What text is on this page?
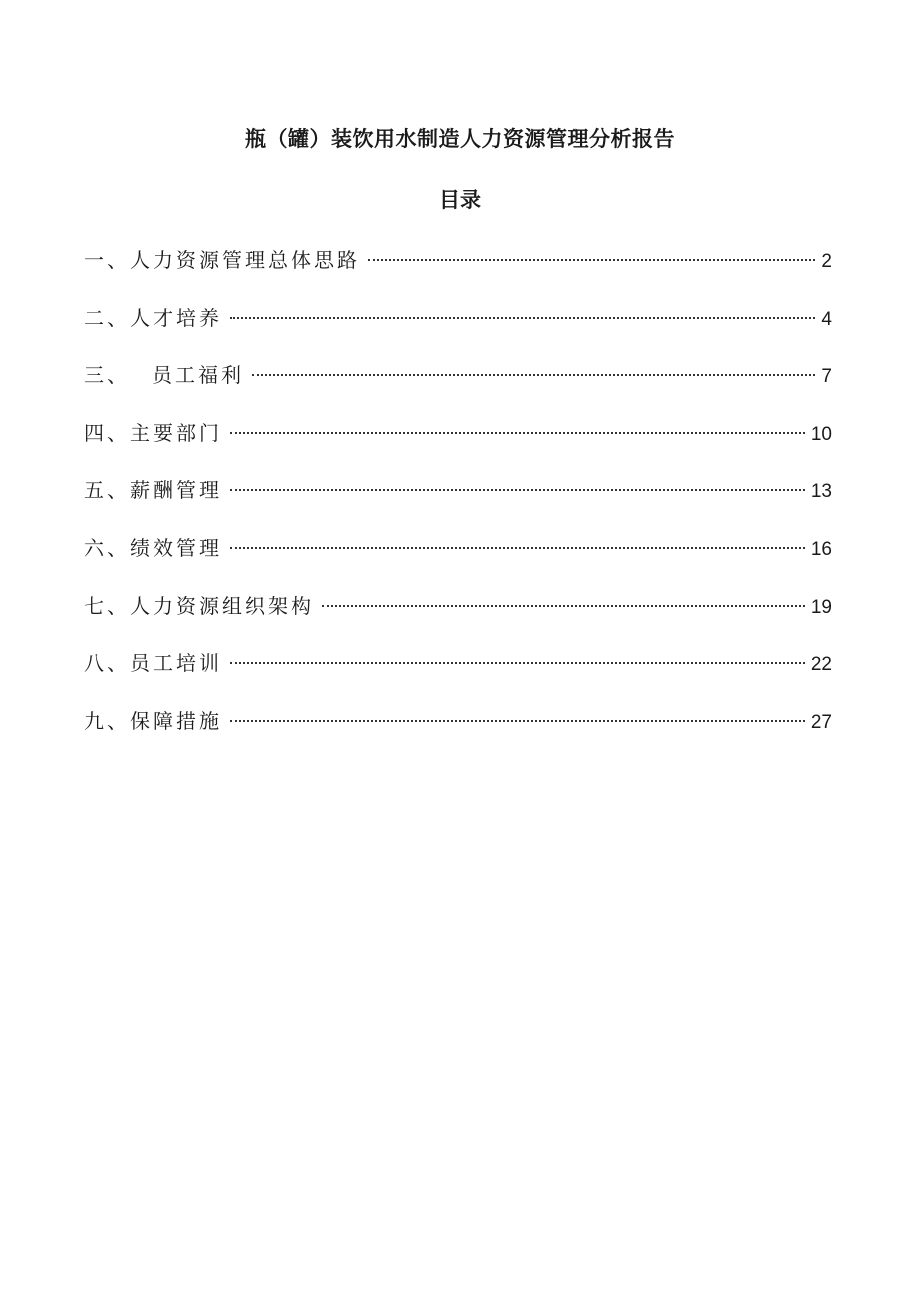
瓶（罐）装饮用水制造人力资源管理分析报告
目录
一、 人力资源管理总体思路	2
二、 人才培养	4
三、	员工福利	7
四、 主要部门	10
五、 薪酬管理	13
六、 绩效管理	16
七、 人力资源组织架构	19
八、 员工培训	22
九、 保障措施	27
